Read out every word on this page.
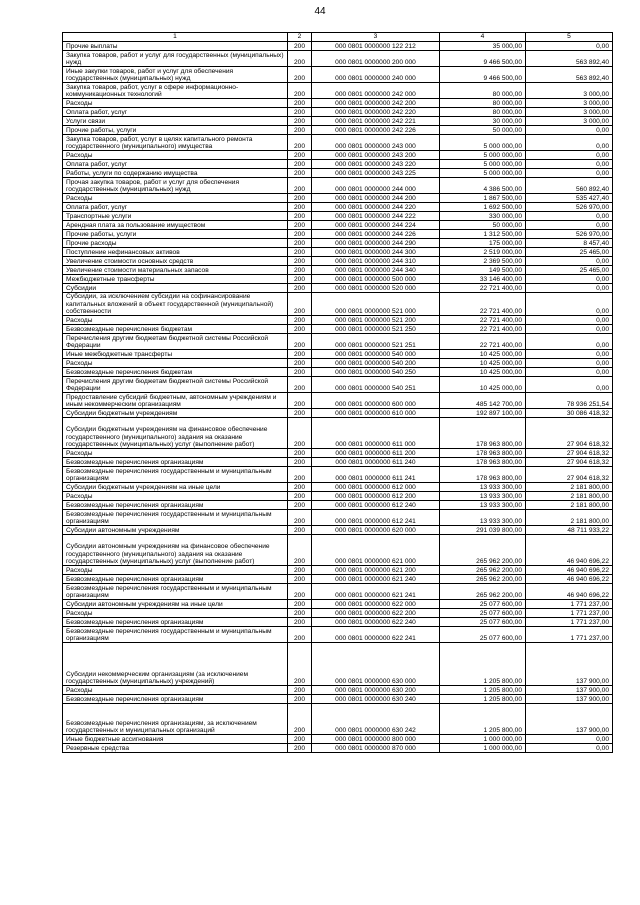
44
1	2	3	4	5
Прочие выплаты	200	000 0801 0000000 122 212	35 000,00	0,00
Закупка товаров, работ и услуг для государственных (муниципальных) нужд	200	000 0801 0000000 200 000	9 466 500,00	563 892,40
Иные закупки товаров, работ и услуг для обеспечения государственных (муниципальных) нужд	200	000 0801 0000000 240 000	9 466 500,00	563 892,40
Закупка товаров, работ, услуг в сфере информационно-коммуникационных технологий	200	000 0801 0000000 242 000	80 000,00	3 000,00
Расходы	200	000 0801 0000000 242 200	80 000,00	3 000,00
Оплата работ, услуг	200	000 0801 0000000 242 220	80 000,00	3 000,00
Услуги связи	200	000 0801 0000000 242 221	30 000,00	3 000,00
Прочие работы, услуги	200	000 0801 0000000 242 226	50 000,00	0,00
Закупка товаров, работ, услуг в целях капитального ремонта государственного (муниципального) имущества	200	000 0801 0000000 243 000	5 000 000,00	0,00
Расходы	200	000 0801 0000000 243 200	5 000 000,00	0,00
Оплата работ, услуг	200	000 0801 0000000 243 220	5 000 000,00	0,00
Работы, услуги по содержанию имущества	200	000 0801 0000000 243 225	5 000 000,00	0,00
Прочая закупка товаров, работ и услуг для обеспечения государственных (муниципальных) нужд	200	000 0801 0000000 244 000	4 386 500,00	560 892,40
Расходы	200	000 0801 0000000 244 200	1 867 500,00	535 427,40
Оплата работ, услуг	200	000 0801 0000000 244 220	1 692 500,00	526 970,00
Транспортные услуги	200	000 0801 0000000 244 222	330 000,00	0,00
Арендная плата за пользование имуществом	200	000 0801 0000000 244 224	50 000,00	0,00
Прочие работы, услуги	200	000 0801 0000000 244 226	1 312 500,00	526 970,00
Прочие расходы	200	000 0801 0000000 244 290	175 000,00	8 457,40
Поступление нефинансовых активов	200	000 0801 0000000 244 300	2 519 000,00	25 465,00
Увеличение стоимости основных средств	200	000 0801 0000000 244 310	2 369 500,00	0,00
Увеличение стоимости материальных запасов	200	000 0801 0000000 244 340	149 500,00	25 465,00
Межбюджетные трансферты	200	000 0801 0000000 500 000	33 146 400,00	0,00
Субсидии	200	000 0801 0000000 520 000	22 721 400,00	0,00
Субсидии, за исключением субсидии на софинансирование капитальных вложений в объект государственной (муниципальной) собственности	200	000 0801 0000000 521 000	22 721 400,00	0,00
Расходы	200	000 0801 0000000 521 200	22 721 400,00	0,00
Безвозмездные перечисления бюджетам	200	000 0801 0000000 521 250	22 721 400,00	0,00
Перечисления другим бюджетам бюджетной системы Российской Федерации	200	000 0801 0000000 521 251	22 721 400,00	0,00
Иные межбюджетные трансферты	200	000 0801 0000000 540 000	10 425 000,00	0,00
Расходы	200	000 0801 0000000 540 200	10 425 000,00	0,00
Безвозмездные перечисления бюджетам	200	000 0801 0000000 540 250	10 425 000,00	0,00
Перечисления другим бюджетам бюджетной системы Российской Федерации	200	000 0801 0000000 540 251	10 425 000,00	0,00
Предоставление субсидий бюджетным, автономным учреждениям и иным некоммерческим организациям	200	000 0801 0000000 600 000	485 142 700,00	78 936 251,54
Субсидии бюджетным учреждениям	200	000 0801 0000000 610 000	192 897 100,00	30 086 418,32
Субсидии бюджетным учреждениям на финансовое обеспечение государственного (муниципального) задания на оказание государственных (муниципальных) услуг (выполнение работ)	200	000 0801 0000000 611 000	178 963 800,00	27 904 618,32
Расходы	200	000 0801 0000000 611 200	178 963 800,00	27 904 618,32
Безвозмездные перечисления организациям	200	000 0801 0000000 611 240	178 963 800,00	27 904 618,32
Безвозмездные перечисления государственным и муниципальным организациям	200	000 0801 0000000 611 241	178 963 800,00	27 904 618,32
Субсидии бюджетным учреждениям на иные цели	200	000 0801 0000000 612 000	13 933 300,00	2 181 800,00
Расходы	200	000 0801 0000000 612 200	13 933 300,00	2 181 800,00
Безвозмездные перечисления организациям	200	000 0801 0000000 612 240	13 933 300,00	2 181 800,00
Безвозмездные перечисления государственным и муниципальным организациям	200	000 0801 0000000 612 241	13 933 300,00	2 181 800,00
Субсидии автономным учреждениям	200	000 0801 0000000 620 000	291 039 800,00	48 711 933,22
Субсидии автономным учреждениям на финансовое обеспечение государственного (муниципального) задания на оказание государственных (муниципальных) услуг (выполнение работ)	200	000 0801 0000000 621 000	265 962 200,00	46 940 696,22
Расходы	200	000 0801 0000000 621 200	265 962 200,00	46 940 696,22
Безвозмездные перечисления организациям	200	000 0801 0000000 621 240	265 962 200,00	46 940 696,22
Безвозмездные перечисления государственным и муниципальным организациям	200	000 0801 0000000 621 241	265 962 200,00	46 940 696,22
Субсидии автономным учреждениям на иные цели	200	000 0801 0000000 622 000	25 077 600,00	1 771 237,00
Расходы	200	000 0801 0000000 622 200	25 077 600,00	1 771 237,00
Безвозмездные перечисления организациям	200	000 0801 0000000 622 240	25 077 600,00	1 771 237,00
Безвозмездные перечисления государственным и муниципальным организациям	200	000 0801 0000000 622 241	25 077 600,00	1 771 237,00
Субсидии некоммерческим организациям (за исключением государственных (муниципальных) учреждений)	200	000 0801 0000000 630 000	1 205 800,00	137 900,00
Расходы	200	000 0801 0000000 630 200	1 205 800,00	137 900,00
Безвозмездные перечисления организациям	200	000 0801 0000000 630 240	1 205 800,00	137 900,00
Безвозмездные перечисления организациям, за исключением государственных и муниципальных организаций	200	000 0801 0000000 630 242	1 205 800,00	137 900,00
Иные бюджетные ассигнования	200	000 0801 0000000 800 000	1 000 000,00	0,00
Резервные средства	200	000 0801 0000000 870 000	1 000 000,00	0,00
